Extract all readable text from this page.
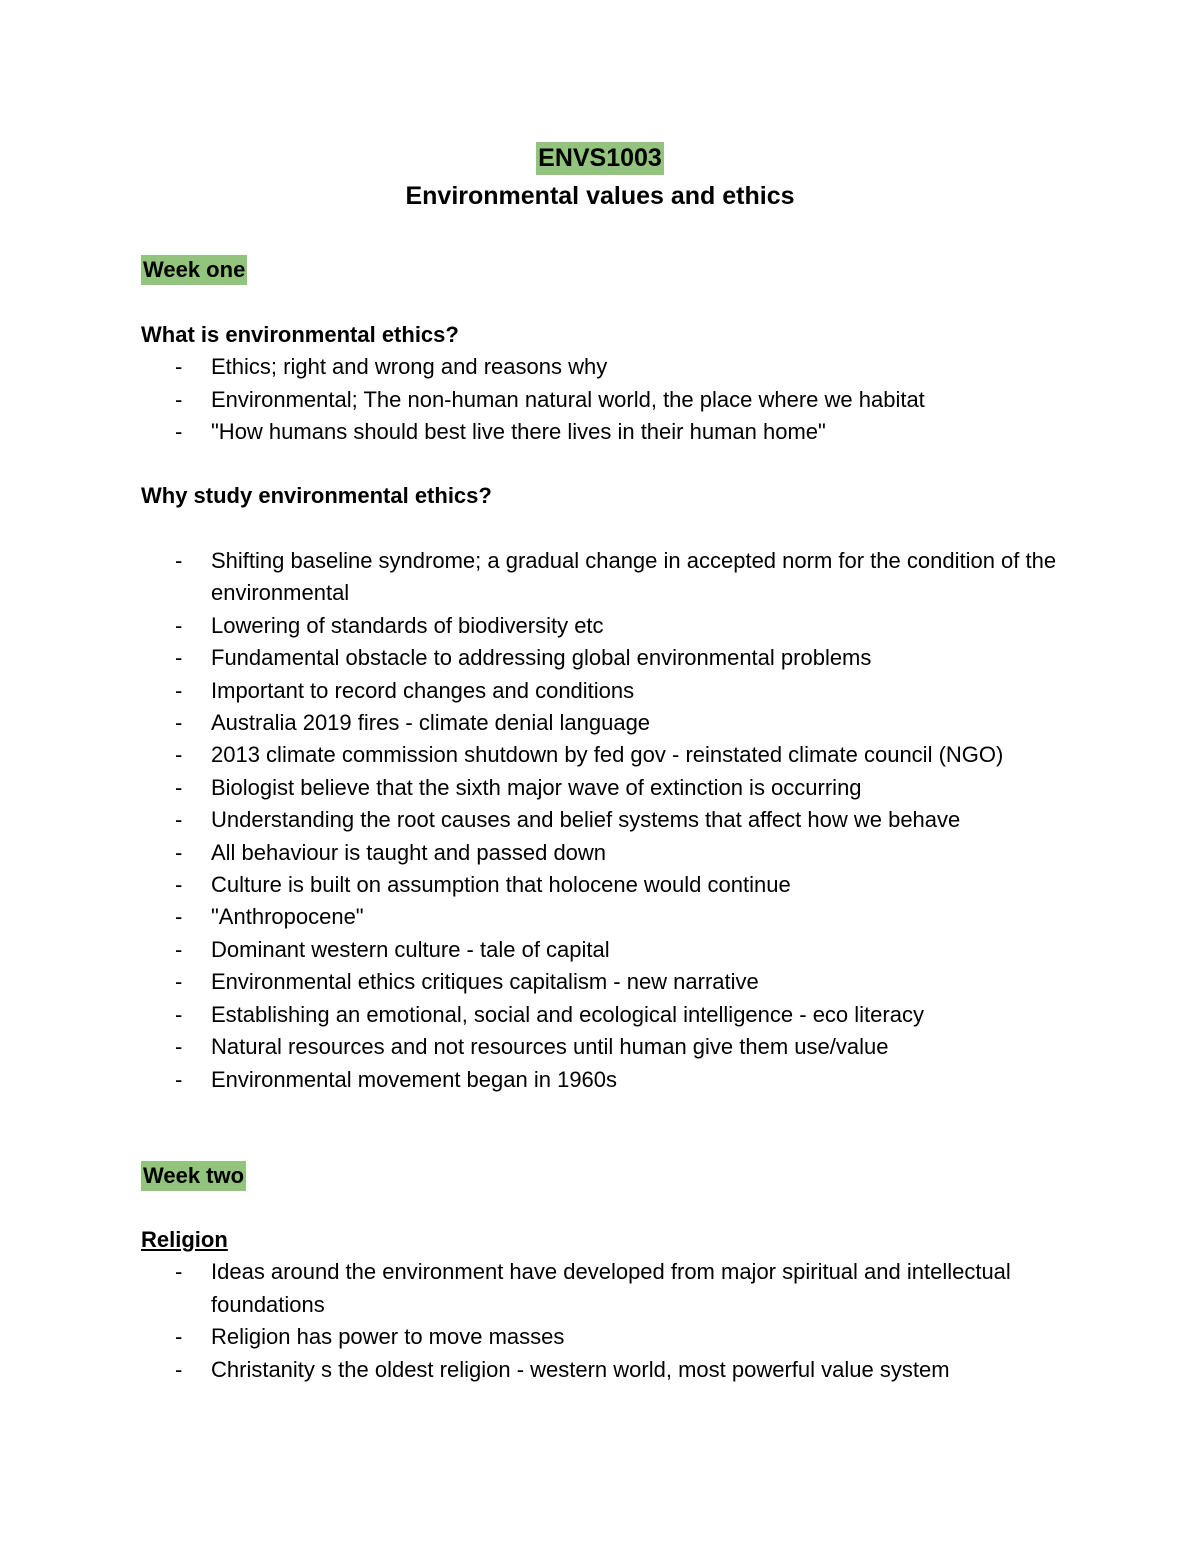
ENVS1003
Environmental values and ethics
Week one
What is environmental ethics?
- Ethics; right and wrong and reasons why
- Environmental; The non-human natural world, the place where we habitat
- "How humans should best live there lives in their human home"
Why study environmental ethics?
- Shifting baseline syndrome; a gradual change in accepted norm for the condition of the environmental
- Lowering of standards of biodiversity etc
- Fundamental obstacle to addressing global environmental problems
- Important to record changes and conditions
- Australia 2019 fires - climate denial language
- 2013 climate commission shutdown by fed gov - reinstated climate council (NGO)
- Biologist believe that the sixth major wave of extinction is occurring
- Understanding the root causes and belief systems that affect how we behave
- All behaviour is taught and passed down
- Culture is built on assumption that holocene would continue
- "Anthropocene"
- Dominant western culture - tale of capital
- Environmental ethics critiques capitalism - new narrative
- Establishing an emotional, social and ecological intelligence - eco literacy
- Natural resources and not resources until human give them use/value
- Environmental movement began in 1960s
Week two
Religion
- Ideas around the environment have developed from major spiritual and intellectual foundations
- Religion has power to move masses
- Christanity s the oldest religion - western world, most powerful value system
